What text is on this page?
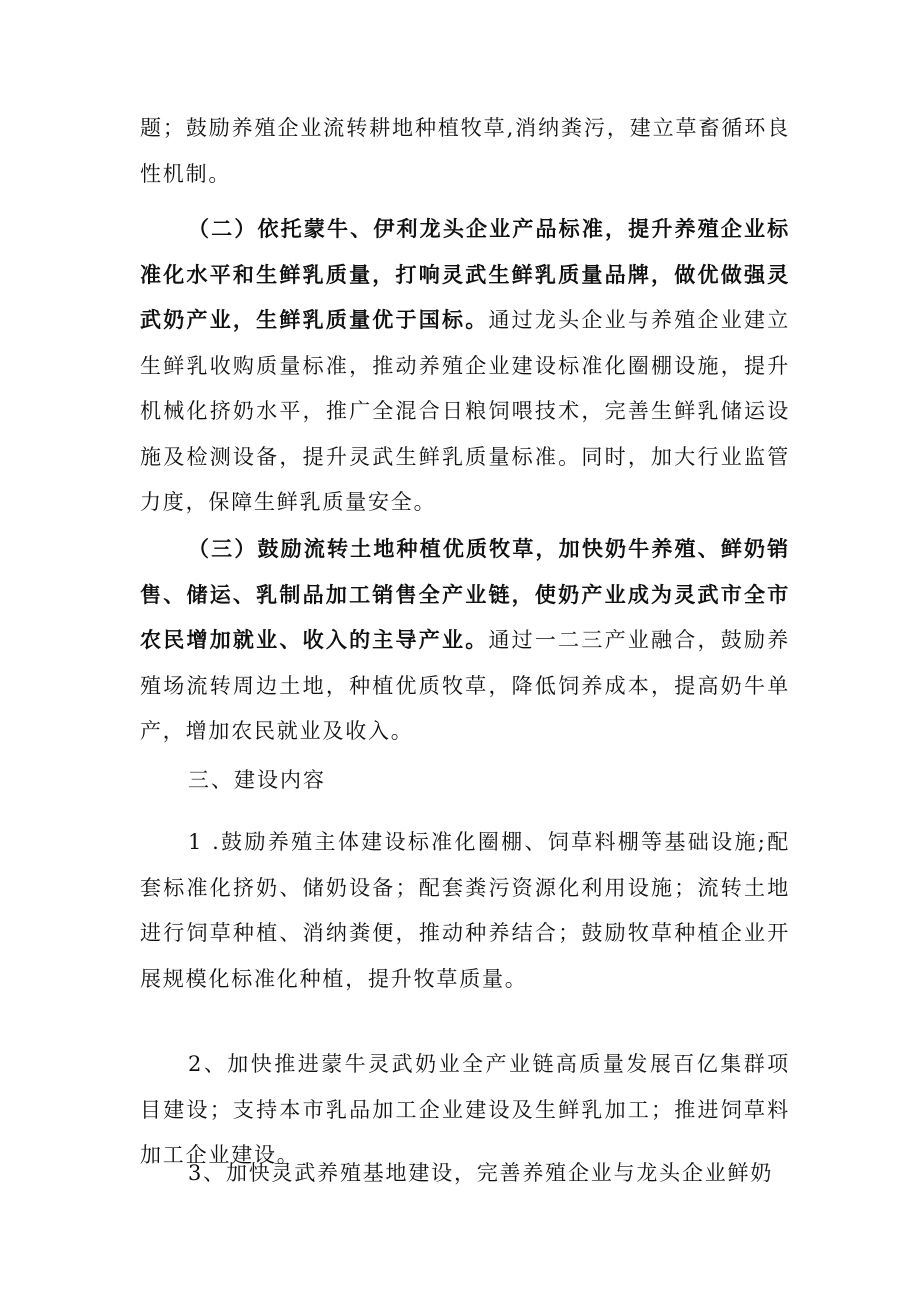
题；鼓励养殖企业流转耕地种植牧草,消纳粪污，建立草畜循环良性机制。

（二）依托蒙牛、伊利龙头企业产品标准，提升养殖企业标准化水平和生鲜乳质量，打响灵武生鲜乳质量品牌，做优做强灵武奶产业，生鲜乳质量优于国标。通过龙头企业与养殖企业建立生鲜乳收购质量标准，推动养殖企业建设标准化圈棚设施，提升机械化挤奶水平，推广全混合日粮饲喂技术，完善生鲜乳储运设施及检测设备，提升灵武生鲜乳质量标准。同时，加大行业监管力度，保障生鲜乳质量安全。

（三）鼓励流转土地种植优质牧草，加快奶牛养殖、鲜奶销售、储运、乳制品加工销售全产业链，使奶产业成为灵武市全市农民增加就业、收入的主导产业。通过一二三产业融合，鼓励养殖场流转周边土地，种植优质牧草，降低饲养成本，提高奶牛单产，增加农民就业及收入。

三、建设内容

1 .鼓励养殖主体建设标准化圈棚、饲草料棚等基础设施;配套标准化挤奶、储奶设备；配套粪污资源化利用设施；流转土地进行饲草种植、消纳粪便，推动种养结合；鼓励牧草种植企业开展规模化标准化种植，提升牧草质量。

2、加快推进蒙牛灵武奶业全产业链高质量发展百亿集群项目建设；支持本市乳品加工企业建设及生鲜乳加工；推进饲草料加工企业建设。

3、加快灵武养殖基地建设，完善养殖企业与龙头企业鲜奶
